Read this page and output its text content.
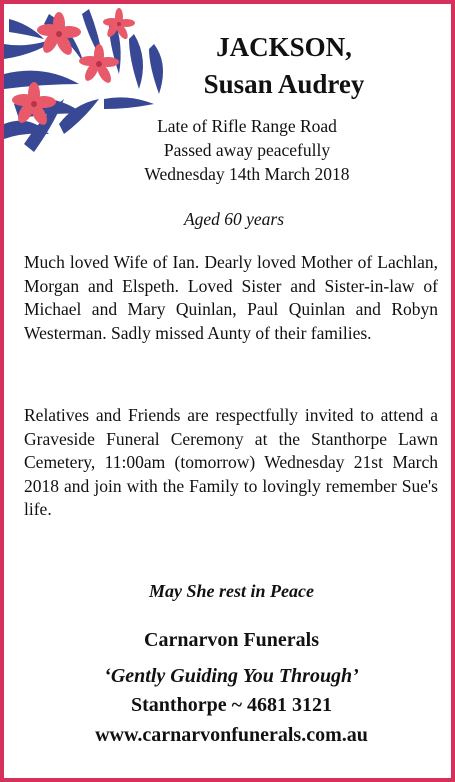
JACKSON,
Susan Audrey
Late of Rifle Range Road
Passed away peacefully
Wednesday 14th March 2018
Aged 60 years
Much loved Wife of Ian. Dearly loved Mother of Lachlan, Morgan and Elspeth. Loved Sister and Sister-in-law of Michael and Mary Quinlan, Paul Quinlan and Robyn Westerman. Sadly missed Aunty of their families.
Relatives and Friends are respectfully invited to attend a Graveside Funeral Ceremony at the Stanthorpe Lawn Cemetery, 11:00am (tomorrow) Wednesday 21st March 2018 and join with the Family to lovingly remember Sue's life.
May She rest in Peace
Carnarvon Funerals
‘Gently Guiding You Through’
Stanthorpe ~ 4681 3121
www.carnarvonfunerals.com.au
